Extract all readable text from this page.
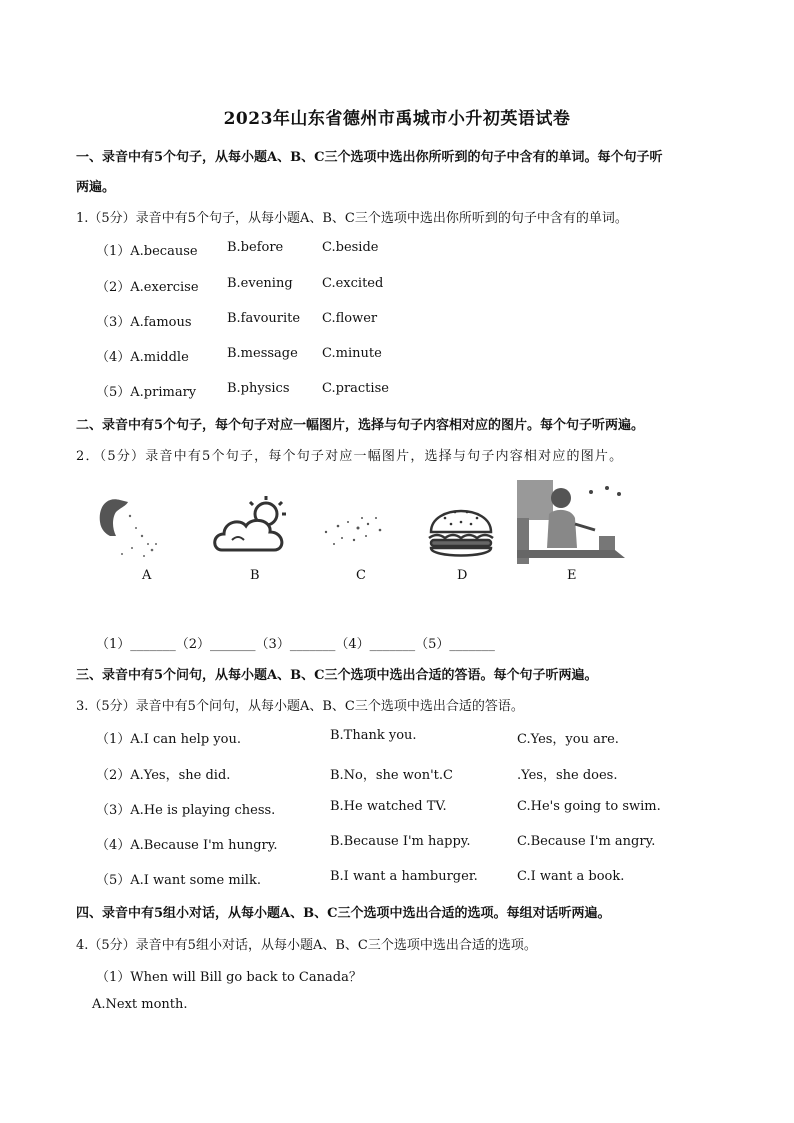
2023年山东省德州市禹城市小升初英语试卷
一、录音中有5个句子，从每小题A、B、C三个选项中选出你所听到的句子中含有的单词。每个句子听
两遍。
1.（5分）录音中有5个句子，从每小题A、B、C三个选项中选出你所听到的句子中含有的单词。
（1）A.because B.before	C.beside
（2）A.exercise B.evening C.excited
（3）A.famous	B.favourite C.flower
（4）A.middle	B.message C.minute
（5）A.primary B.physics C.practise
二、录音中有5个句子，每个句子对应一幅图片，选择与句子内容相对应的图片。每个句子听两遍。
2．（5分）录音中有5个句子，每个句子对应一幅图片，选择与句子内容相对应的图片。
A	B	C	D	E
（1）_______（2）_______（3）_______（4）_______（5）_______
三、录音中有5个问句，从每小题A、B、C三个选项中选出合适的答语。每个句子听两遍。
3.（5分）录音中有5个问句，从每小题A、B、C三个选项中选出合适的答语。
（1）A.I can help you.	B.Thank you.	C.Yes，you are.
（2）A.Yes，she did.	B.No，she won't.C	.Yes，she does.
（3）A.He is playing chess.	B.He watched TV.	C.He's going to swim.
（4）A.Because I'm hungry.	B.Because I'm happy.	C.Because I'm angry.
（5）A.I want some milk.	B.I want a hamburger.	C.I want a book.
四、录音中有5组小对话，从每小题A、B、C三个选项中选出合适的选项。每组对话听两遍。
4.（5分）录音中有5组小对话，从每小题A、B、C三个选项中选出合适的选项。
（1）When will Bill go back to Canada？
A.Next month.
